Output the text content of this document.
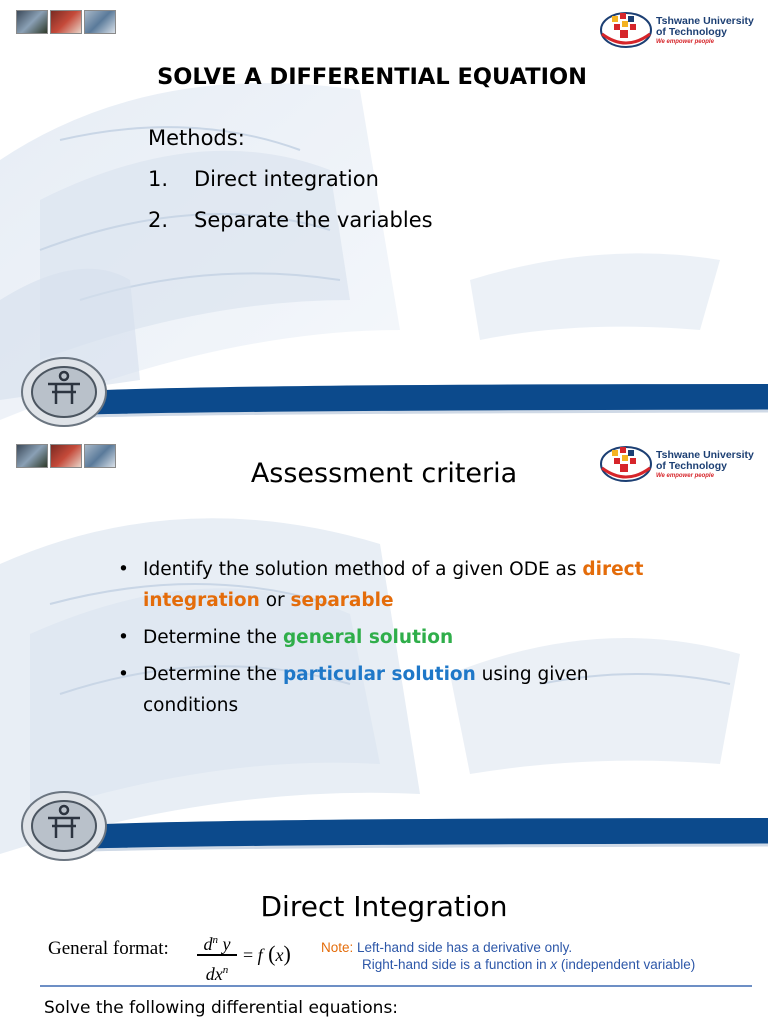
Tshwane University
of Technology
We empower people
SOLVE A DIFFERENTIAL EQUATION
Methods:
1. Direct integration
2. Separate the variables
Tshwane University
of Technology
We empower people
Assessment criteria
• Identify the solution method of a given ODE as direct integration or separable
• Determine the general solution
• Determine the particular solution using given conditions
Direct Integration
General format:	$d^n$ y
$dx^n$
= f (x) Note: Left-hand side has a derivative only.
Right-hand side is a function in x (independent variable)
Solve the following differential equations:
